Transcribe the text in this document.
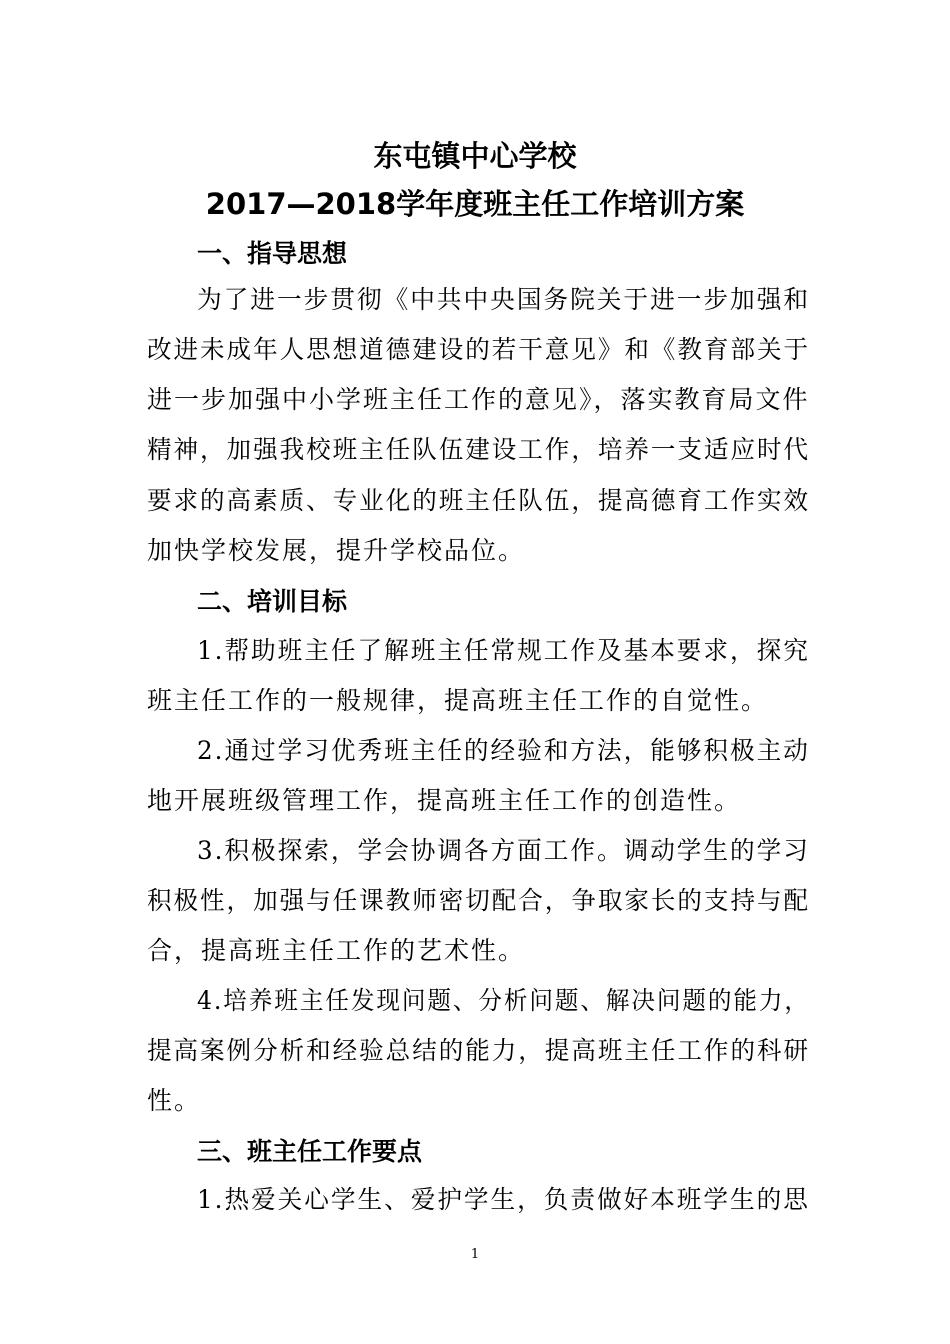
东屯镇中心学校
2017—2018学年度班主任工作培训方案
一、指导思想
为了进一步贯彻《中共中央国务院关于进一步加强和
改进未成年人思想道德建设的若干意见》和《教育部关于
进一步加强中小学班主任工作的意见》，落实教育局文件
精神，加强我校班主任队伍建设工作，培养一支适应时代
要求的高素质、专业化的班主任队伍，提高德育工作实效
加快学校发展，提升学校品位。
二、培训目标
1.帮助班主任了解班主任常规工作及基本要求，探究
班主任工作的一般规律，提高班主任工作的自觉性。
2.通过学习优秀班主任的经验和方法，能够积极主动
地开展班级管理工作，提高班主任工作的创造性。
3.积极探索，学会协调各方面工作。调动学生的学习
积极性，加强与任课教师密切配合，争取家长的支持与配
合，提高班主任工作的艺术性。
4.培养班主任发现问题、分析问题、解决问题的能力，
提高案例分析和经验总结的能力，提高班主任工作的科研
性。
三、班主任工作要点
1.热爱关心学生、爱护学生，负责做好本班学生的思
1
